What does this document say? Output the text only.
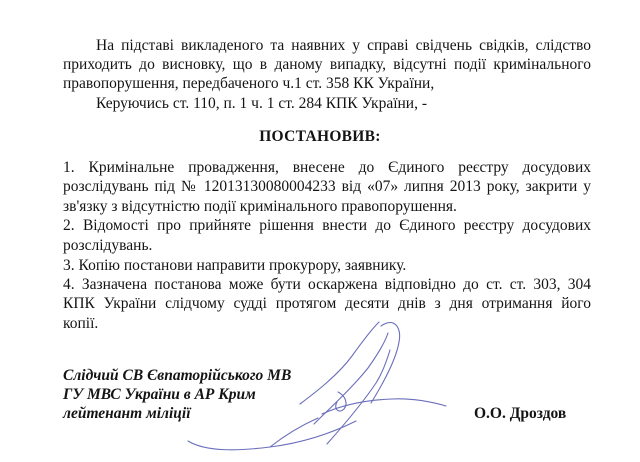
На підставі викладеного та наявних у справі свідчень свідків, слідство
приходить до висновку, що в даному випадку, відсутні події кримінального
правопорушення, передбаченого ч.1 ст. 358 КК України,
Керуючись ст. 110, п. 1 ч. 1 ст. 284 КПК України, -
ПОСТАНОВИВ:
1. Кримінальне провадження, внесене до Єдиного реєстру досудових
розслідувань під № 12013130080004233 від «07» липня 2013 року, закрити у
зв'язку з відсутністю події кримінального правопорушення.
2. Відомості про прийняте рішення внести до Єдиного реєстру досудових
розслідувань.
3. Копію постанови направити прокурору, заявнику.
4. Зазначена постанова може бути оскаржена відповідно до ст. ст. 303, 304
КПК України слідчому судді протягом десяти днів з дня отримання його
копії.
Слідчий СВ Євпаторійського МВ
ГУ МВС України в АР Крим
лейтенант міліції	О.О. Дроздов
